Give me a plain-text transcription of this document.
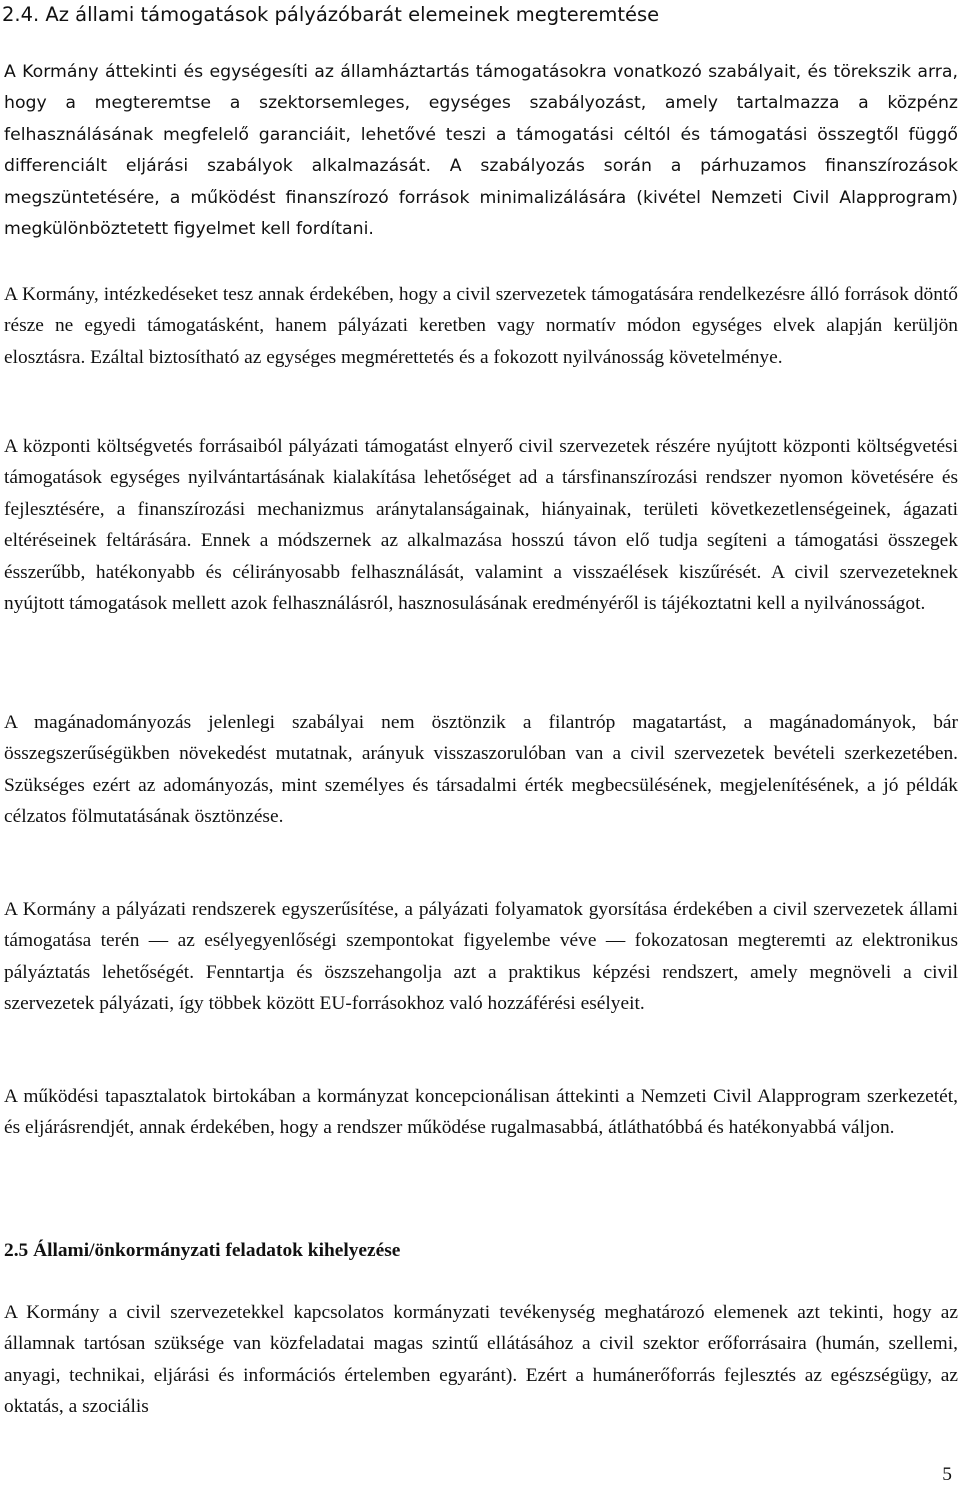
2.4. Az állami támogatások pályázóbarát elemeinek megteremtése

A Kormány áttekinti és egységesíti az államháztartás támogatásokra vonatkozó szabályait, és törekszik arra, hogy a megteremtse a szektorsemleges, egységes szabályozást, amely tartalmazza a közpénz felhasználásának megfelelő garanciáit, lehetővé teszi a támogatási céltól és támogatási összegtől függő differenciált eljárási szabályok alkalmazását. A szabályozás során a párhuzamos finanszírozások megszüntetésére, a működést finanszírozó források minimalizálására (kivétel Nemzeti Civil Alapprogram) megkülönböztetett figyelmet kell fordítani.

A Kormány, intézkedéseket tesz annak érdekében, hogy a civil szervezetek támogatására rendelkezésre álló források döntő része ne egyedi támogatásként, hanem pályázati keretben vagy normatív módon egységes elvek alapján kerüljön elosztásra. Ezáltal biztosítható az egységes megmérettetés és a fokozott nyilvánosság követelménye.

A központi költségvetés forrásaiból pályázati támogatást elnyerő civil szervezetek részére nyújtott központi költségvetési támogatások egységes nyilvántartásának kialakítása lehetőséget ad a társfinanszírozási rendszer nyomon követésére és fejlesztésére, a finanszírozási mechanizmus aránytalanságainak, hiányainak, területi következetlenségeinek, ágazati eltéréseinek feltárására. Ennek a módszernek az alkalmazása hosszú távon elő tudja segíteni a támogatási összegek ésszerűbb, hatékonyabb és célirányosabb felhasználását, valamint a visszaélések kiszűrését. A civil szervezeteknek nyújtott támogatások mellett azok felhasználásról, hasznosulásának eredményéről is tájékoztatni kell a nyilvánosságot.

A magánadományozás jelenlegi szabályai nem ösztönzik a filantróp magatartást, a magánadományok, bár összegszerűségükben növekedést mutatnak, arányuk visszaszorulóban van a civil szervezetek bevételi szerkezetében. Szükséges ezért az adományozás, mint személyes és társadalmi érték megbecsülésének, megjelenítésének, a jó példák célzatos fölmutatásának ösztönzése.

A Kormány a pályázati rendszerek egyszerűsítése, a pályázati folyamatok gyorsítása érdekében a civil szervezetek állami támogatása terén — az esélyegyenlőségi szempontokat figyelembe véve — fokozatosan megteremti az elektronikus pályáztatás lehetőségét. Fenntartja és öszszehangolja azt a praktikus képzési rendszert, amely megnöveli a civil szervezetek pályázati, így többek között EU-forrásokhoz való hozzáférési esélyeit.

A működési tapasztalatok birtokában a kormányzat koncepcionálisan áttekinti a Nemzeti Civil Alapprogram szerkezetét, és eljárásrendjét, annak érdekében, hogy a rendszer működése rugalmasabbá, átláthatóbbá és hatékonyabbá váljon.

2.5 Állami/önkormányzati feladatok kihelyezése

A Kormány a civil szervezetekkel kapcsolatos kormányzati tevékenység meghatározó elemenek azt tekinti, hogy az államnak tartósan szüksége van közfeladatai magas szintű ellátásához a civil szektor erőforrásaira (humán, szellemi, anyagi, technikai, eljárási és információs értelemben egyaránt). Ezért a humánerőforrás fejlesztés az egészségügy, az oktatás, a szociális

5
